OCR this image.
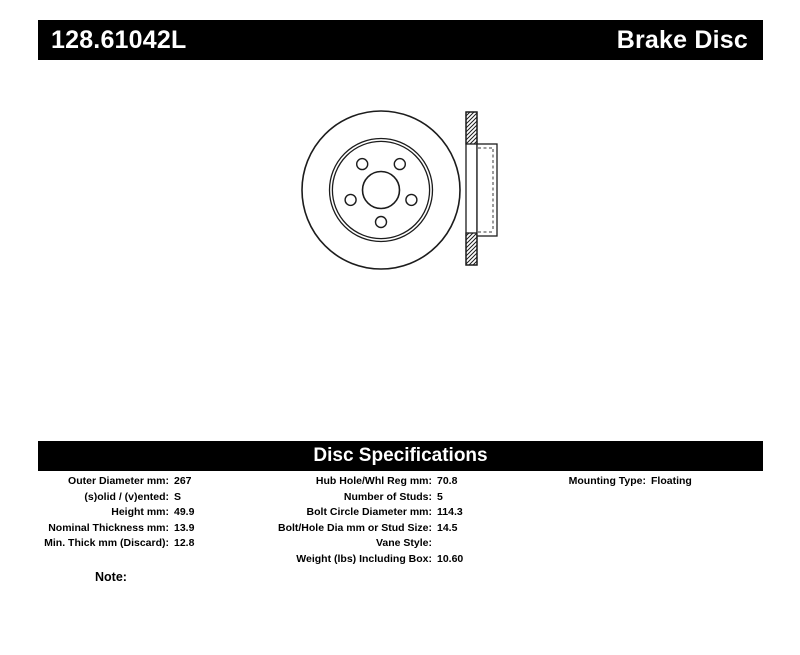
128.61042L	Brake Disc
Disc Specifications
Outer Diameter mm: 267
(s)olid / (v)ented: S
Height mm: 49.9
Nominal Thickness mm: 13.9
Min. Thick mm (Discard): 12.8
Hub Hole/Whl Reg mm: 70.8
Number of Studs: 5
Bolt Circle Diameter mm: 114.3
Bolt/Hole Dia mm or Stud Size: 14.5
Vane Style:
Weight (lbs) Including Box: 10.60
Mounting Type: Floating
Note:
